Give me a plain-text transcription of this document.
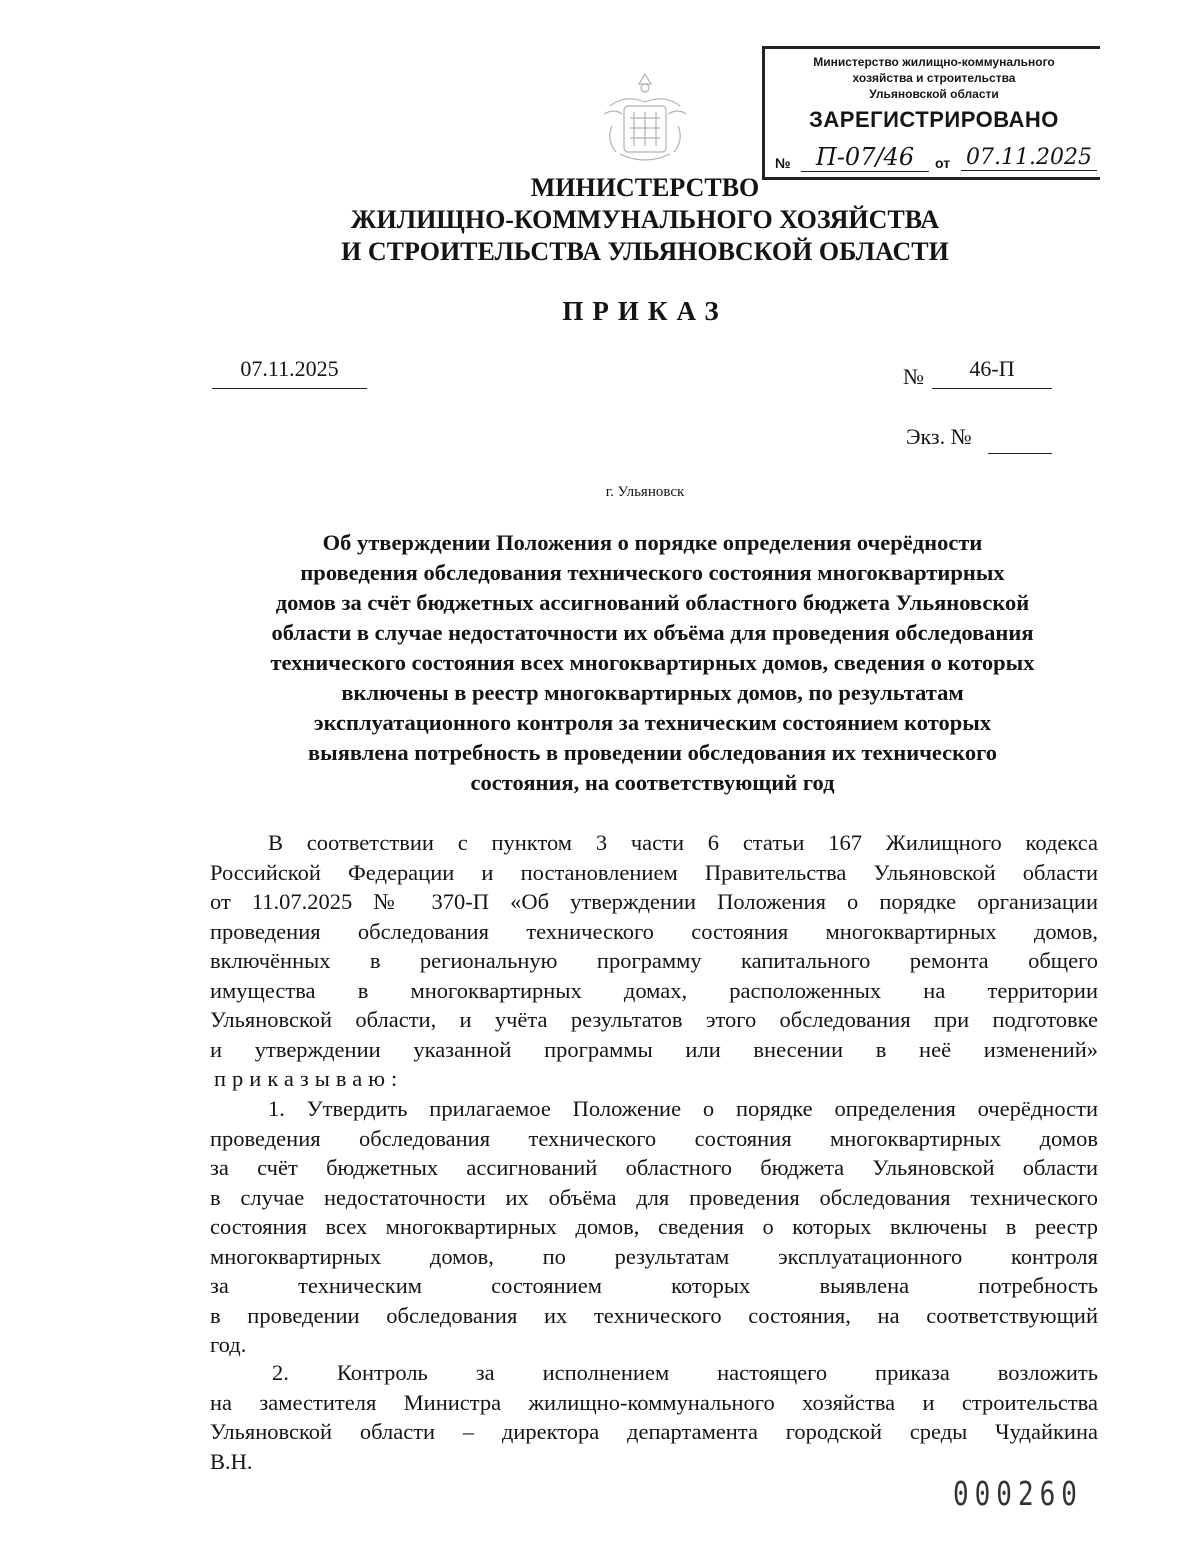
Министерство жилищно-коммунального
хозяйства и строительства
Ульяновской области
ЗАРЕГИСТРИРОВАНО
№	П-07/46	от 07.11.2025
МИНИСТЕРСТВО
ЖИЛИЩНО-КОММУНАЛЬНОГО ХОЗЯЙСТВА
И СТРОИТЕЛЬСТВА УЛЬЯНОВСКОЙ ОБЛАСТИ
ПРИКАЗ
07.11.2025	№	46-П
Экз. №
г. Ульяновск
Об утверждении Положения о порядке определения очерёдности
проведения обследования технического состояния многоквартирных
домов за счёт бюджетных ассигнований областного бюджета Ульяновской
области в случае недостаточности их объёма для проведения обследования
технического состояния всех многоквартирных домов, сведения о которых
включены в реестр многоквартирных домов, по результатам
эксплуатационного контроля за техническим состоянием которых
выявлена потребность в проведении обследования их технического
состояния, на соответствующий год
В соответствии с пунктом 3 части 6 статьи 167 Жилищного кодекса
Российской Федерации и постановлением Правительства Ульяновской области
от 11.07.2025 № 370-П «Об утверждении Положения о порядке организации
проведения обследования технического состояния многоквартирных домов,
включённых в региональную программу капитального ремонта общего
имущества в многоквартирных домах, расположенных на территории
Ульяновской области, и учёта результатов этого обследования при подготовке
и утверждении указанной программы или внесении в неё изменений»
приказываю:
1. Утвердить прилагаемое Положение о порядке определения очерёдности
проведения обследования технического состояния многоквартирных домов
за счёт бюджетных ассигнований областного бюджета Ульяновской области
в случае недостаточности их объёма для проведения обследования технического
состояния всех многоквартирных домов, сведения о которых включены в реестр
многоквартирных домов, по результатам эксплуатационного контроля
за техническим состоянием которых выявлена потребность
в проведении обследования их технического состояния, на соответствующий
год.
2. Контроль за исполнением настоящего приказа возложить
на заместителя Министра жилищно-коммунального хозяйства и строительства
Ульяновской области – директора департамента городской среды Чудайкина
В.Н.
000260
